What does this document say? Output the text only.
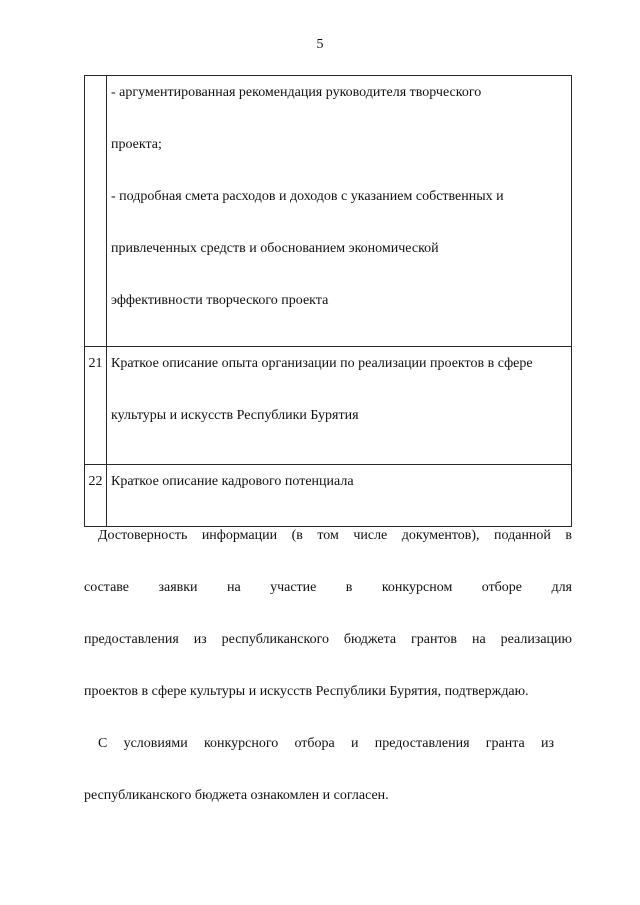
5

	- аргументированная рекомендация руководителя творческого
проекта;
- подробная смета расходов и доходов с указанием собственных и
привлеченных средств и обоснованием экономической
эффективности творческого проекта

21	Краткое описание опыта организации по реализации проектов в сфере
культуры и искусств Республики Бурятия

22	Краткое описание кадрового потенциала
Достоверность информации (в том числе документов), поданной в
составе заявки на участие в конкурсном отборе для
предоставления из республиканского бюджета грантов на реализацию
проектов в сфере культуры и искусств Республики Бурятия, подтверждаю.
С условиями конкурсного отбора и предоставления гранта из
республиканского бюджета ознакомлен и согласен.
